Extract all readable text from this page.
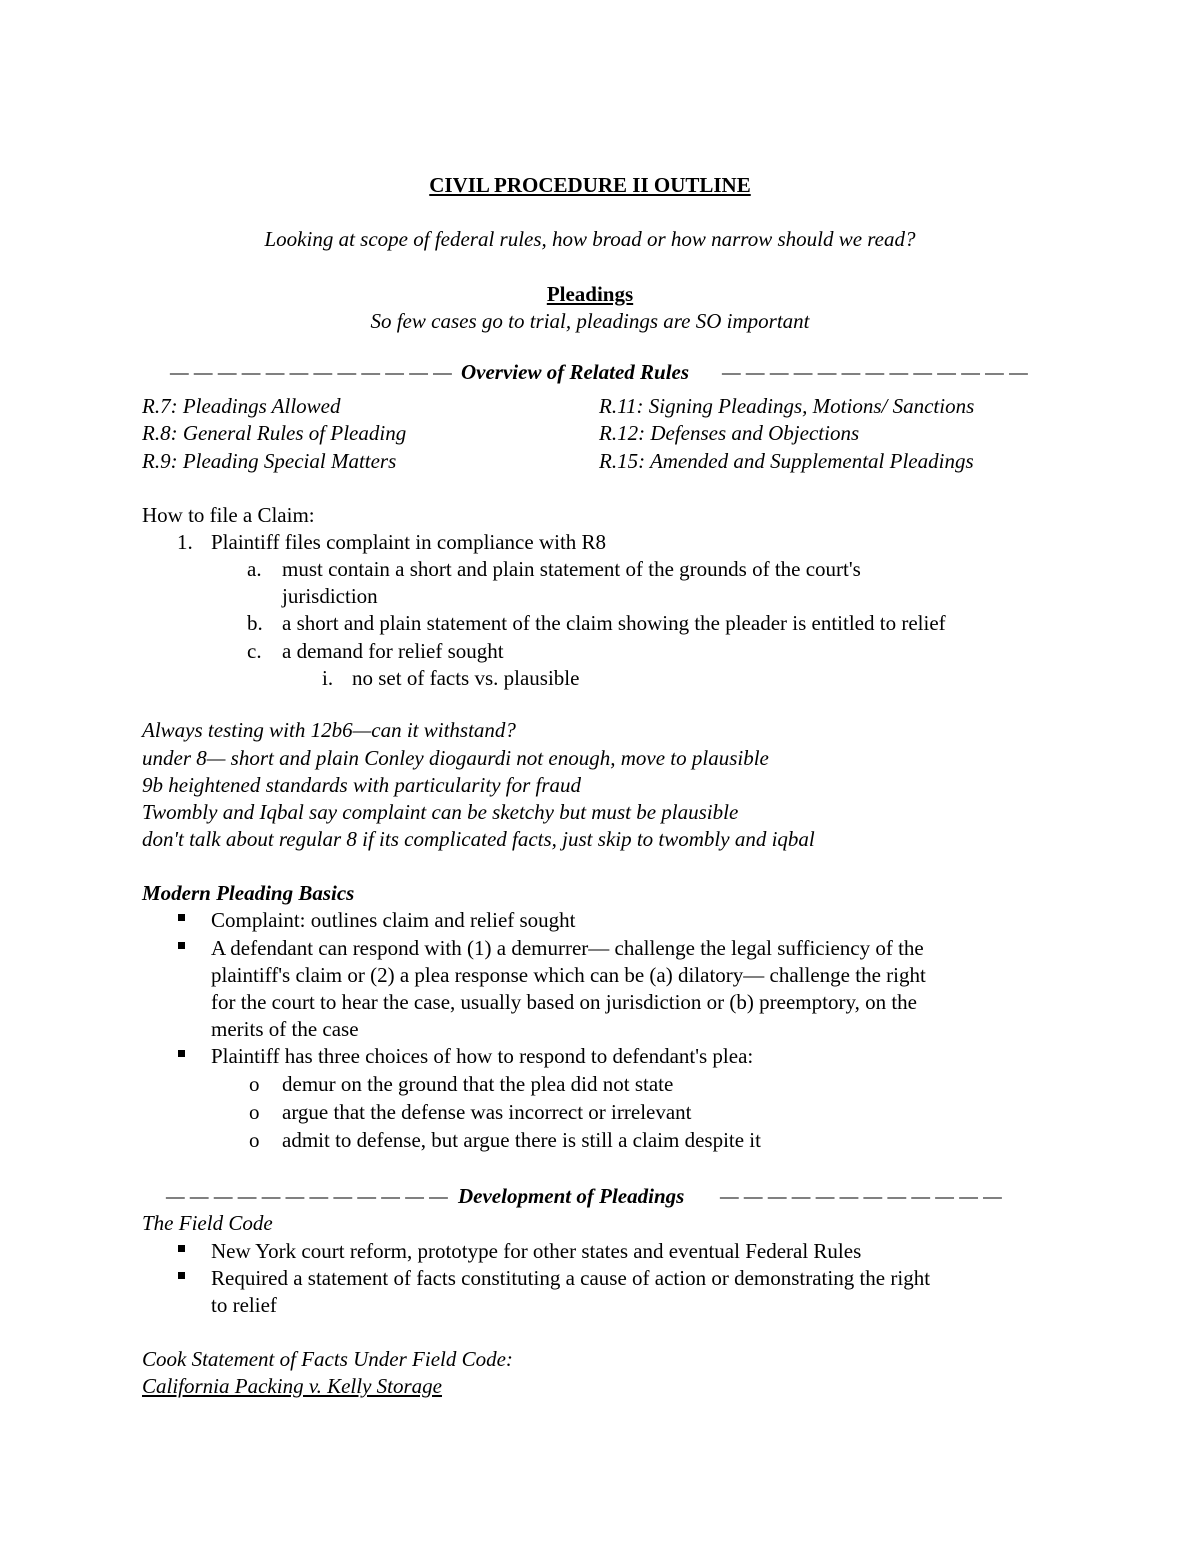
CIVIL PROCEDURE II OUTLINE
Looking at scope of federal rules, how broad or how narrow should we read?
Pleadings
So few cases go to trial, pleadings are SO important
— — — — — — — — — — — — Overview of Related Rules — — — — — — — — — — — — —
R.7: Pleadings Allowed
R.8: General Rules of Pleading
R.9: Pleading Special Matters
R.11: Signing Pleadings, Motions/ Sanctions
R.12: Defenses and Objections
R.15: Amended and Supplemental Pleadings
How to file a Claim:
1. Plaintiff files complaint in compliance with R8
a. must contain a short and plain statement of the grounds of the court's
jurisdiction
b. a short and plain statement of the claim showing the pleader is entitled to relief
c. a demand for relief sought
i. no set of facts vs. plausible
Always testing with 12b6—can it withstand?
under 8— short and plain Conley diogaurdi not enough, move to plausible
9b heightened standards with particularity for fraud
Twombly and Iqbal say complaint can be sketchy but must be plausible
don't talk about regular 8 if its complicated facts, just skip to twombly and iqbal
Modern Pleading Basics
Complaint: outlines claim and relief sought
A defendant can respond with (1) a demurrer— challenge the legal sufficiency of the
plaintiff's claim or (2) a plea response which can be (a) dilatory— challenge the right
for the court to hear the case, usually based on jurisdiction or (b) preemptory, on the
merits of the case
Plaintiff has three choices of how to respond to defendant's plea:
o demur on the ground that the plea did not state
o argue that the defense was incorrect or irrelevant
o admit to defense, but argue there is still a claim despite it
— — — — — — — — — — — — Development of Pleadings — — — — — — — — — — — —
The Field Code
New York court reform, prototype for other states and eventual Federal Rules
Required a statement of facts constituting a cause of action or demonstrating the right
to relief
Cook Statement of Facts Under Field Code:
California Packing v. Kelly Storage
